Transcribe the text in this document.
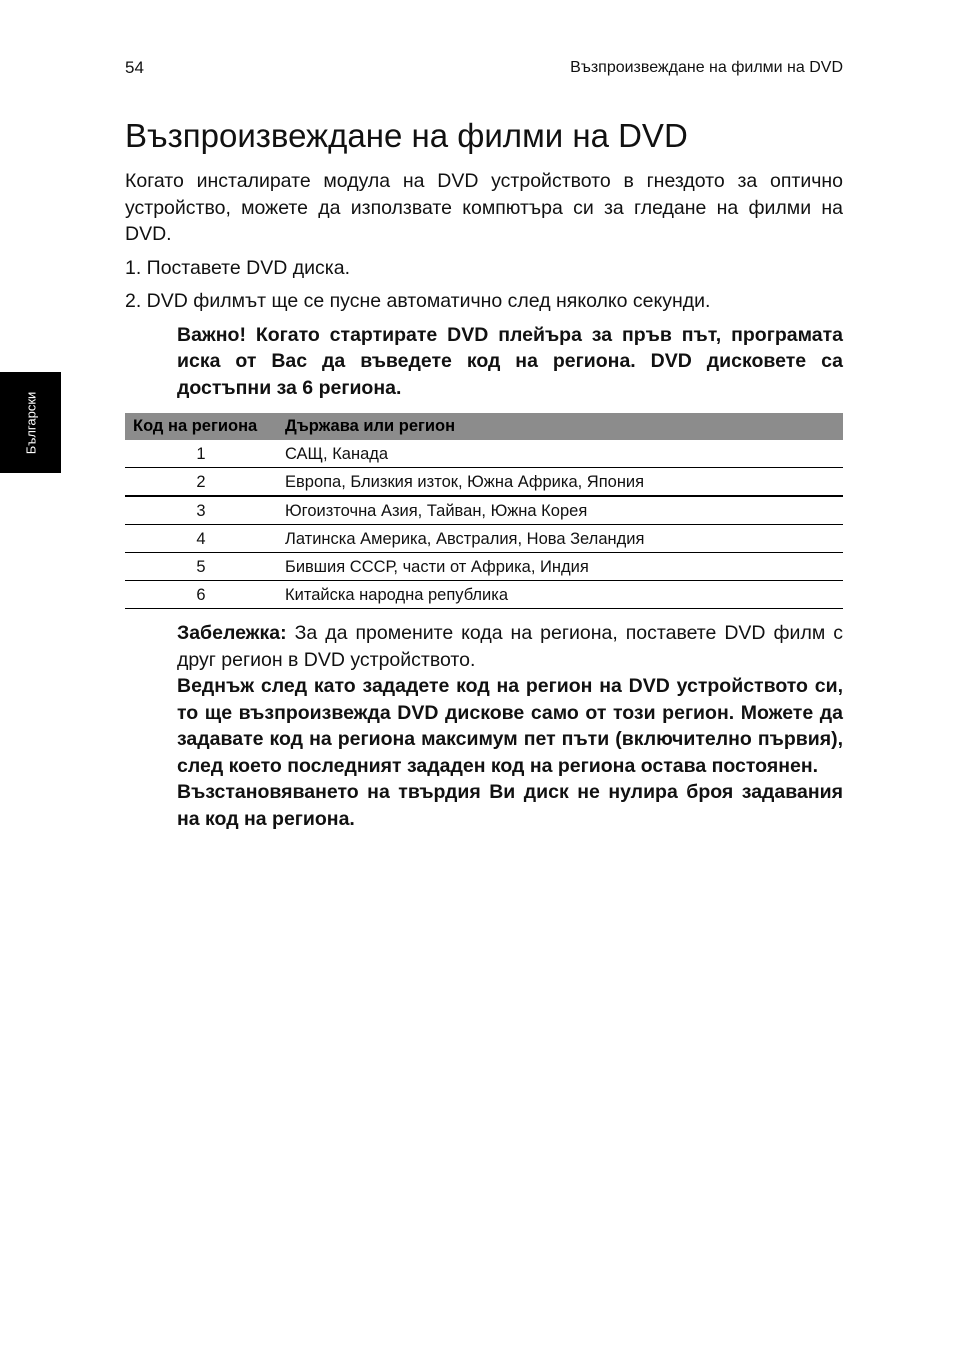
54	Възпроизвеждане на филми на DVD
Български
Възпроизвеждане на филми на DVD

Когато инсталирате модула на DVD устройството в гнездото за оптично устройство, можете да използвате компютъра си за гледане на филми на DVD.

1. Поставете DVD диска.

2. DVD филмът ще се пусне автоматично след няколко секунди.

Важно! Когато стартирате DVD плейъра за пръв път, програмата иска от Вас да въведете код на региона. DVD дисковете са достъпни за 6 региона.

Код на региона	Държава или регион
1	САЩ, Канада
2	Европа, Близкия изток, Южна Африка, Япония
3	Югоизточна Азия, Тайван, Южна Корея
4	Латинска Америка, Австралия, Нова Зеландия
5	Бившия СССР, части от Африка, Индия
6	Китайска народна република

Забележка: За да промените кода на региона, поставете DVD филм с друг регион в DVD устройството.

Веднъж след като зададете код на регион на DVD устройството си, то ще възпроизвежда DVD дискове само от този регион. Можете да задавате код на региона максимум пет пъти (включително първия), след което последният зададен код на региона остава постоянен.

Възстановяването на твърдия Ви диск не нулира броя задавания на код на региона.
